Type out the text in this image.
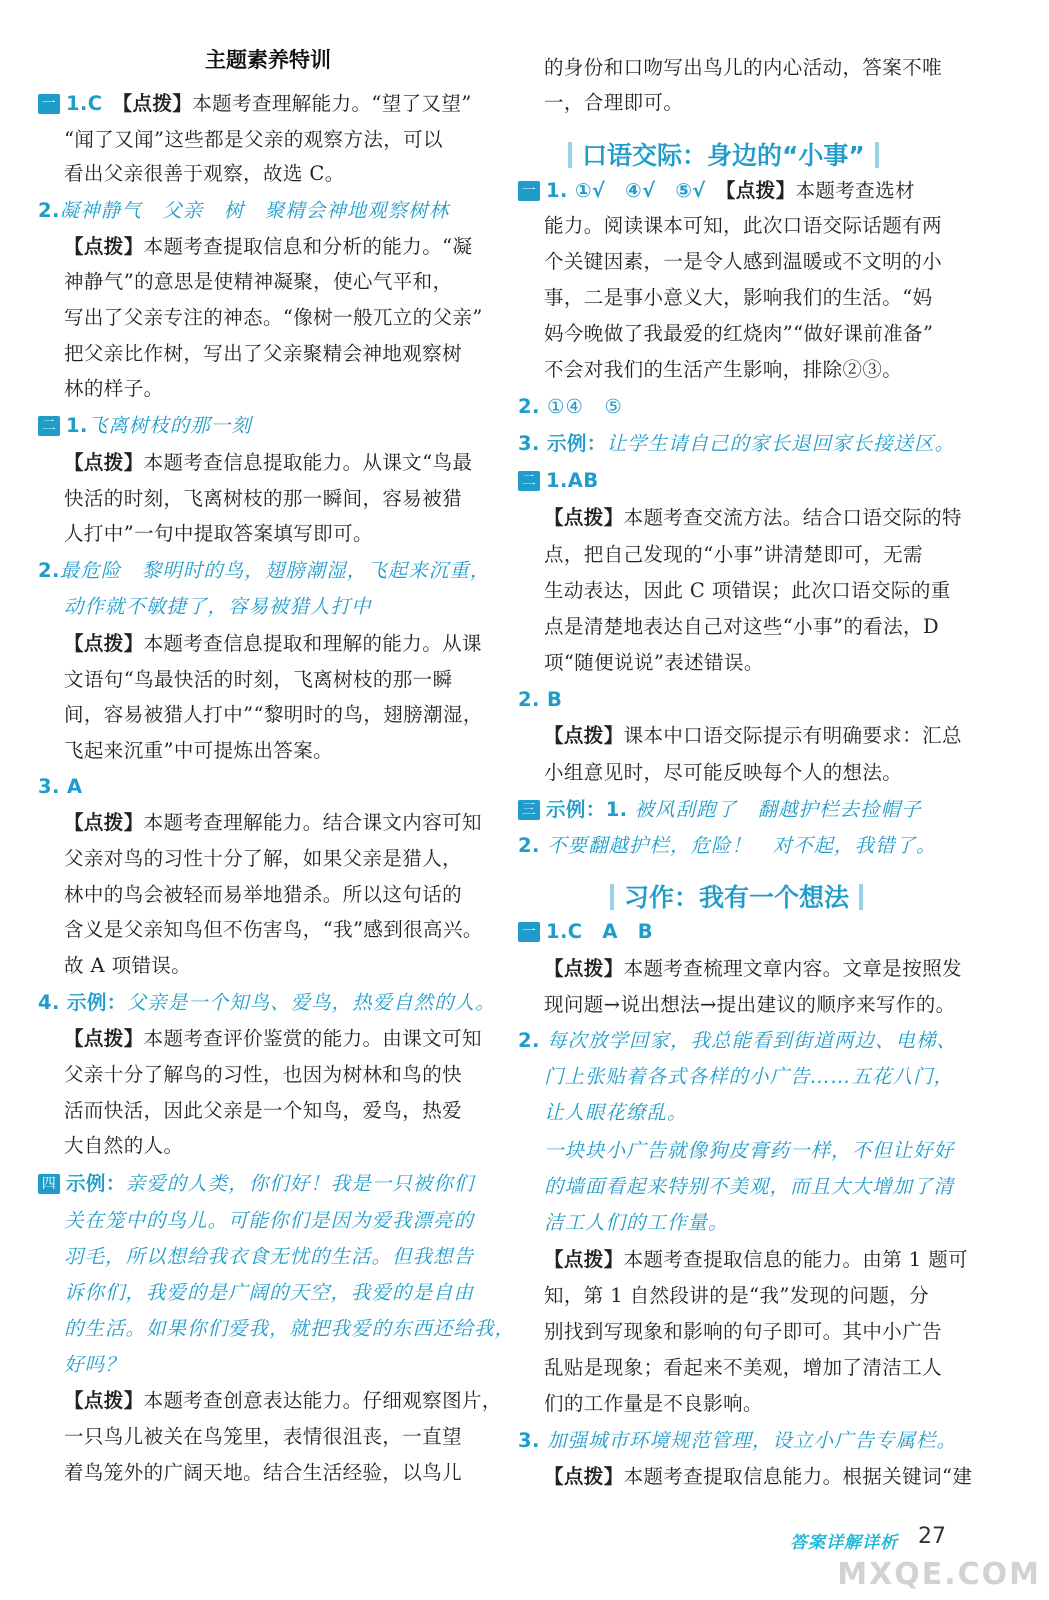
主题素养特训
一 1.C　【点拨】本题考查理解能力。“望了又望”
“闻了又闻”这些都是父亲的观察方法，可以
看出父亲很善于观察，故选 C。
2.凝神静气　父亲　树　聚精会神地观察树林
【点拨】本题考查提取信息和分析的能力。“凝
神静气”的意思是使精神凝聚，使心气平和，
写出了父亲专注的神态。“像树一般兀立的父亲”
把父亲比作树，写出了父亲聚精会神地观察树
林的样子。
二 1.飞离树枝的那一刻
【点拨】本题考查信息提取能力。从课文“鸟最
快活的时刻，飞离树枝的那一瞬间，容易被猎
人打中”一句中提取答案填写即可。
2.最危险　黎明时的鸟，翅膀潮湿，飞起来沉重，
动作就不敏捷了，容易被猎人打中
【点拨】本题考查信息提取和理解的能力。从课
文语句“鸟最快活的时刻，飞离树枝的那一瞬
间，容易被猎人打中”“黎明时的鸟，翅膀潮湿，
飞起来沉重”中可提炼出答案。
3. A
【点拨】本题考查理解能力。结合课文内容可知
父亲对鸟的习性十分了解，如果父亲是猎人，
林中的鸟会被轻而易举地猎杀。所以这句话的
含义是父亲知鸟但不伤害鸟，“我”感到很高兴。
故 A 项错误。
4. 示例：父亲是一个知鸟、爱鸟，热爱自然的人。
【点拨】本题考查评价鉴赏的能力。由课文可知
父亲十分了解鸟的习性，也因为树林和鸟的快
活而快活，因此父亲是一个知鸟，爱鸟，热爱
大自然的人。
四 示例：亲爱的人类，你们好！我是一只被你们
关在笼中的鸟儿。可能你们是因为爱我漂亮的
羽毛，所以想给我衣食无忧的生活。但我想告
诉你们，我爱的是广阔的天空，我爱的是自由
的生活。如果你们爱我，就把我爱的东西还给我，
好吗？
【点拨】本题考查创意表达能力。仔细观察图片，
一只鸟儿被关在鸟笼里，表情很沮丧，一直望
着鸟笼外的广阔天地。结合生活经验，以鸟儿
口语交际：身边的“小事”
习作：我有一个想法
的身份和口吻写出鸟儿的内心活动，答案不唯
一，合理即可。
一 1. ①√　④√　⑤√　【点拨】本题考查选材
能力。阅读课本可知，此次口语交际话题有两
个关键因素，一是令人感到温暖或不文明的小
事，二是事小意义大，影响我们的生活。“妈
妈今晚做了我最爱的红烧肉”“做好课前准备”
不会对我们的生活产生影响，排除②③。
2. ①④　⑤
3. 示例：让学生请自己的家长退回家长接送区。
二 1.AB
【点拨】本题考查交流方法。结合口语交际的特
点，把自己发现的“小事”讲清楚即可，无需
生动表达，因此 C 项错误；此次口语交际的重
点是清楚地表达自己对这些“小事”的看法，D
项“随便说说”表述错误。
2. B
【点拨】课本中口语交际提示有明确要求：汇总
小组意见时，尽可能反映每个人的想法。
三 示例：1. 被风刮跑了　翻越护栏去捡帽子
2. 不要翻越护栏，危险！　对不起，我错了。
一 1.C　A　B
【点拨】本题考查梳理文章内容。文章是按照发
现问题→说出想法→提出建议的顺序来写作的。
2. 每次放学回家，我总能看到街道两边、电梯、
门上张贴着各式各样的小广告……五花八门，
让人眼花缭乱。
一块块小广告就像狗皮膏药一样，不但让好好
的墙面看起来特别不美观，而且大大增加了清
洁工人们的工作量。
【点拨】本题考查提取信息的能力。由第 1 题可
知，第 1 自然段讲的是“我”发现的问题，分
别找到写现象和影响的句子即可。其中小广告
乱贴是现象；看起来不美观，增加了清洁工人
们的工作量是不良影响。
3. 加强城市环境规范管理，设立小广告专属栏。
【点拨】本题考查提取信息能力。根据关键词“建
答案详解详析 27
MXQE.COM
